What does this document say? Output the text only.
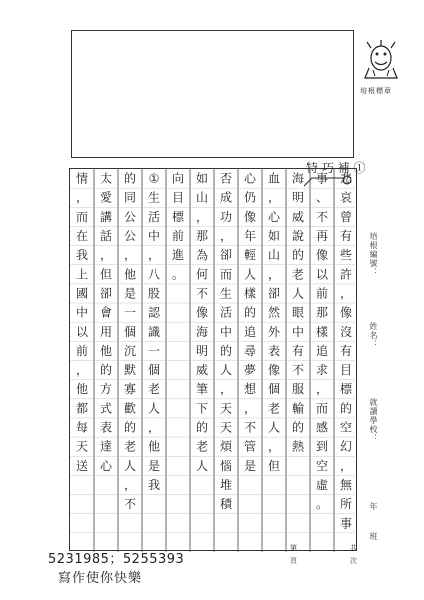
培根標章
特 巧 補 ①
悲
哀
曾
有
些
許
，
像
沒
有
目
標
的
空
幻
，
無
所
事
事
、
不
再
像
以
前
那
樣
追
求
，
而
感
到
空
虛
。
海
明
威
說
的
老
人
眼
中
有
不
服
輸
的
熱
血
，
心
如
山
，
卻
然
外
表
像
個
老
人
，
但
心
仍
像
年
輕
人
樣
的
追
尋
夢
想
，
不
管
是
否
成
功
，
卻
而
生
活
中
的
人
，
天
天
煩
惱
堆
積
如
山
，
那
為
何
不
像
海
明
威
筆
下
的
老
人
向
目
標
前
進
。
①
生
活
中
，
八
股
認
識
一
個
老
人
，
他
是
我
的
同
公
公
，
他
是
一
個
沉
默
寡
歡
的
老
人
，
不
太
愛
講
話
，
但
卻
會
用
他
的
方
式
表
達
心
情
，
而
在
我
上
國
中
以
前
，
他
都
每
天
送
培根編號：
姓名：
就讀學校：
年
班
第
頁
共
次
5231985；5255393
寫作使你快樂
